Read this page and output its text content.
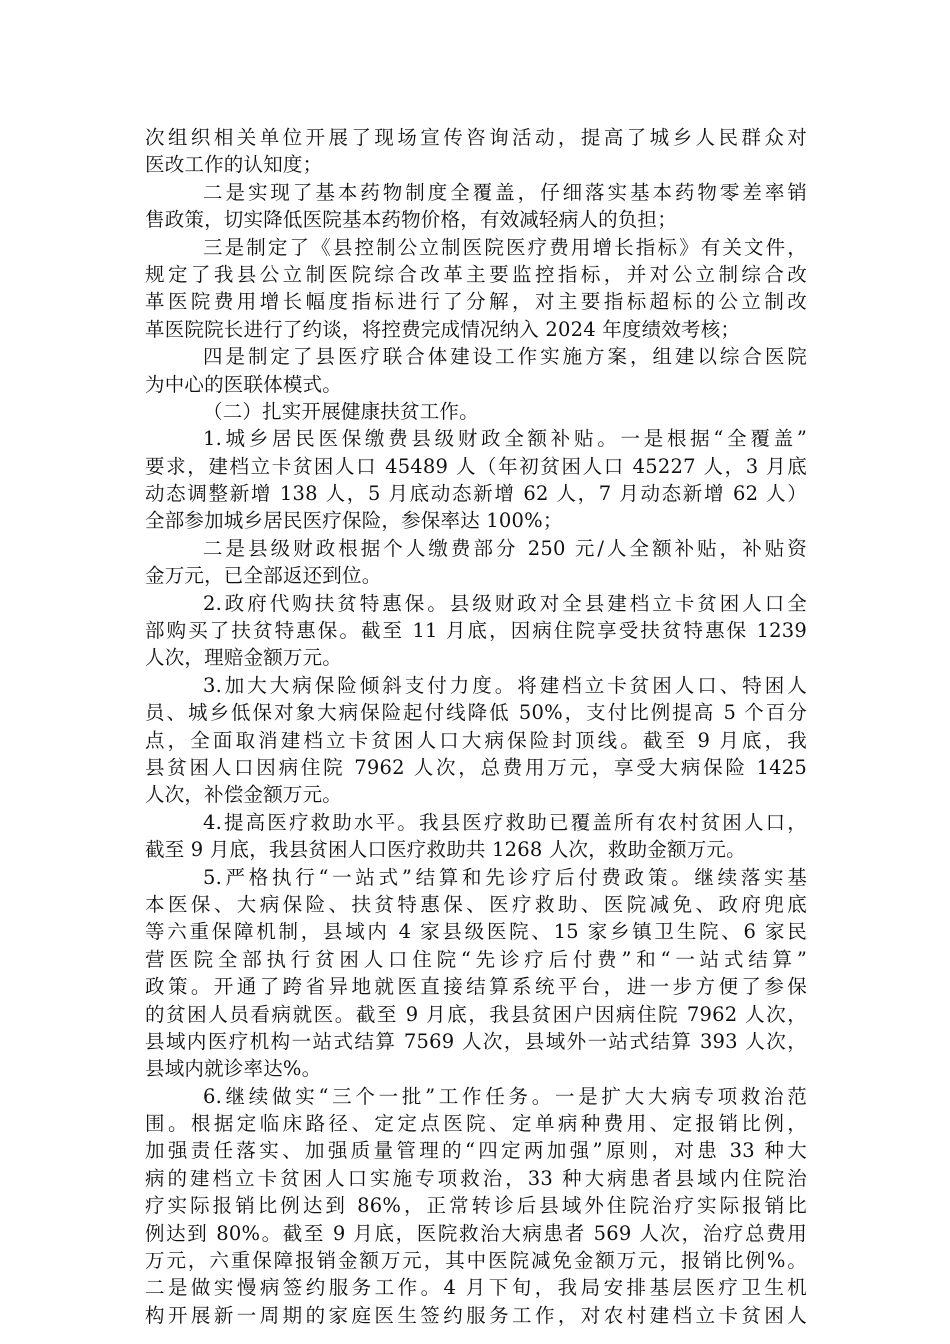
次组织相关单位开展了现场宣传咨询活动，提高了城乡人民群众对
医改工作的认知度；
二是实现了基本药物制度全覆盖，仔细落实基本药物零差率销
售政策，切实降低医院基本药物价格，有效减轻病人的负担；
三是制定了《县控制公立制医院医疗费用增长指标》有关文件，
规定了我县公立制医院综合改革主要监控指标，并对公立制综合改
革医院费用增长幅度指标进行了分解，对主要指标超标的公立制改
革医院院长进行了约谈，将控费完成情况纳入 2024 年度绩效考核；
四是制定了县医疗联合体建设工作实施方案，组建以综合医院
为中心的医联体模式。
（二）扎实开展健康扶贫工作。
1.城乡居民医保缴费县级财政全额补贴。一是根据“全覆盖”
要求，建档立卡贫困人口 45489 人（年初贫困人口 45227 人，3 月底
动态调整新增 138 人，5 月底动态新增 62 人，7 月动态新增 62 人）
全部参加城乡居民医疗保险，参保率达 100%；
二是县级财政根据个人缴费部分 250 元/人全额补贴，补贴资
金万元，已全部返还到位。
2.政府代购扶贫特惠保。县级财政对全县建档立卡贫困人口全
部购买了扶贫特惠保。截至 11 月底，因病住院享受扶贫特惠保 1239
人次，理赔金额万元。
3.加大大病保险倾斜支付力度。将建档立卡贫困人口、特困人
员、城乡低保对象大病保险起付线降低 50%，支付比例提高 5 个百分
点，全面取消建档立卡贫困人口大病保险封顶线。截至 9 月底，我
县贫困人口因病住院 7962 人次，总费用万元，享受大病保险 1425
人次，补偿金额万元。
4.提高医疗救助水平。我县医疗救助已覆盖所有农村贫困人口，
截至 9 月底，我县贫困人口医疗救助共 1268 人次，救助金额万元。
5.严格执行“一站式”结算和先诊疗后付费政策。继续落实基
本医保、大病保险、扶贫特惠保、医疗救助、医院减免、政府兜底
等六重保障机制，县域内 4 家县级医院、15 家乡镇卫生院、6 家民
营医院全部执行贫困人口住院“先诊疗后付费”和“一站式结算”
政策。开通了跨省异地就医直接结算系统平台，进一步方便了参保
的贫困人员看病就医。截至 9 月底，我县贫困户因病住院 7962 人次，
县域内医疗机构一站式结算 7569 人次，县域外一站式结算 393 人次，
县域内就诊率达%。
6.继续做实“三个一批”工作任务。一是扩大大病专项救治范
围。根据定临床路径、定定点医院、定单病种费用、定报销比例，
加强责任落实、加强质量管理的“四定两加强”原则，对患 33 种大
病的建档立卡贫困人口实施专项救治，33 种大病患者县域内住院治
疗实际报销比例达到 86%，正常转诊后县域外住院治疗实际报销比
例达到 80%。截至 9 月底，医院救治大病患者 569 人次，治疗总费用
万元，六重保障报销金额万元，其中医院减免金额万元，报销比例%。
二是做实慢病签约服务工作。4 月下旬，我局安排基层医疗卫生机
构开展新一周期的家庭医生签约服务工作，对农村建档立卡贫困人
